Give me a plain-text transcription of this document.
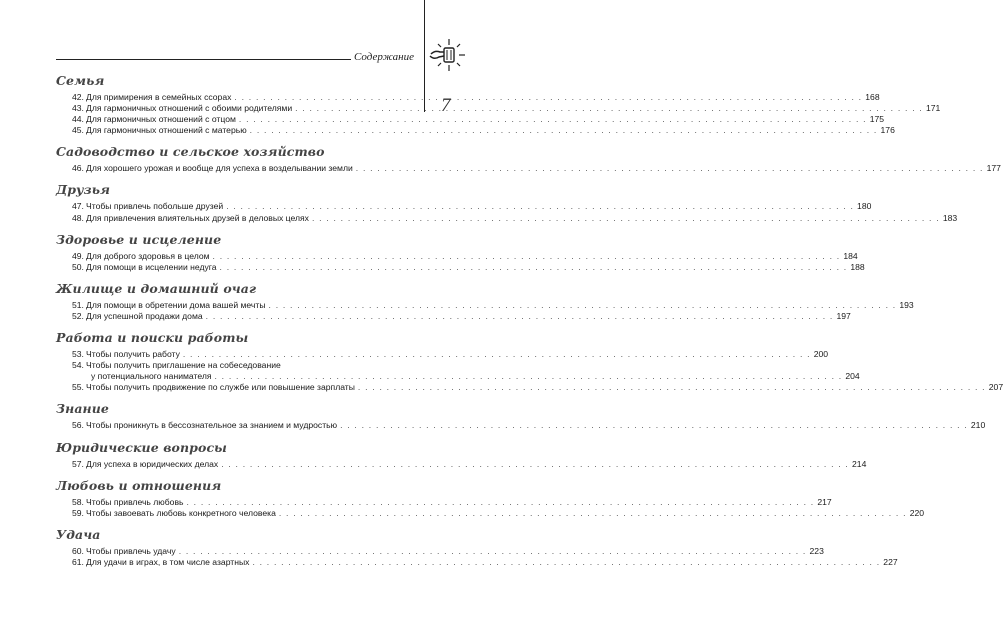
Содержание
7
Семья
42. Для примирения в семейных ссорах . . .	168
43. Для гармоничных отношений с обоими родителями . . .	171
44. Для гармоничных отношений с отцом . . .	175
45. Для гармоничных отношений с матерью . . .	176
Садоводство и сельское хозяйство
46. Для хорошего урожая и вообще для успеха в возделывании земли . . .	177
Друзья
47. Чтобы привлечь побольше друзей . . .	180
48. Для привлечения влиятельных друзей в деловых целях . . .	183
Здоровье и исцеление
49. Для доброго здоровья в целом . . .	184
50. Для помощи в исцелении недуга . . .	188
Жилище и домашний очаг
51. Для помощи в обретении дома вашей мечты . . .	193
52. Для успешной продажи дома . . .	197
Работа и поиски работы
53. Чтобы получить работу . . .	200
54. Чтобы получить приглашение на собеседование
у потенциального нанимателя . . .	204
55. Чтобы получить продвижение по службе или повышение зарплаты . . .	207
Знание
56. Чтобы проникнуть в бессознательное за знанием и мудростью . . .	210
Юридические вопросы
57. Для успеха в юридических делах . . .	214
Любовь и отношения
58. Чтобы привлечь любовь . . .	217
59. Чтобы завоевать любовь конкретного человека . . .	220
Удача
60. Чтобы привлечь удачу . . .	223
61. Для удачи в играх, в том числе азартных . . .	227
